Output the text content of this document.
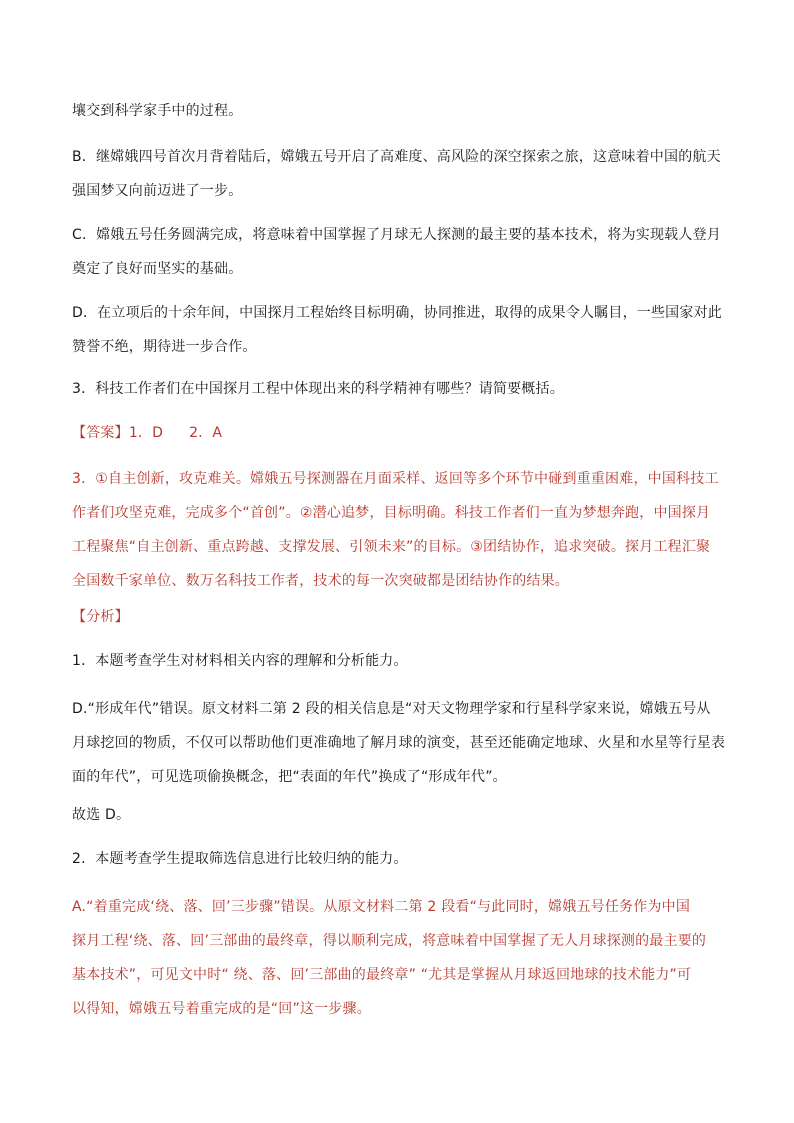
壤交到科学家手中的过程。

B．继嫦娥四号首次月背着陆后，嫦娥五号开启了高难度、高风险的深空探索之旅，这意味着中国的航天

强国梦又向前迈进了一步。

C．嫦娥五号任务圆满完成，将意味着中国掌握了月球无人探测的最主要的基本技术，将为实现载人登月

奠定了良好而坚实的基础。

D．在立项后的十余年间，中国探月工程始终目标明确，协同推进，取得的成果令人瞩目，一些国家对此

赞誉不绝，期待进一步合作。

3．科技工作者们在中国探月工程中体现出来的科学精神有哪些？请简要概括。

【答案】1．D 2．A

3．①自主创新，攻克难关。嫦娥五号探测器在月面采样、返回等多个环节中碰到重重困难，中国科技工

作者们攻坚克难，完成多个“首创”。②潜心追梦，目标明确。科技工作者们一直为梦想奔跑，中国探月

工程聚焦“自主创新、重点跨越、支撑发展、引领未来”的目标。③团结协作，追求突破。探月工程汇聚

全国数千家单位、数万名科技工作者，技术的每一次突破都是团结协作的结果。

【分析】

1．本题考查学生对材料相关内容的理解和分析能力。

D.“形成年代”错误。原文材料二第 2 段的相关信息是“对天文物理学家和行星科学家来说，嫦娥五号从

月球挖回的物质，不仅可以帮助他们更准确地了解月球的演变，甚至还能确定地球、火星和水星等行星表

面的年代”，可见选项偷换概念，把“表面的年代”换成了“形成年代”。

故选 D。

2．本题考查学生提取筛选信息进行比较归纳的能力。

A.“着重完成‘绕、落、回’三步骤”错误。从原文材料二第 2 段看“与此同时，嫦娥五号任务作为中国

探月工程‘绕、落、回’三部曲的最终章，得以顺利完成，将意味着中国掌握了无人月球探测的最主要的

基本技术”，可见文中时“ 绕、落、回’三部曲的最终章” “尤其是掌握从月球返回地球的技术能力”可

以得知，嫦娥五号着重完成的是“回”这一步骤。
